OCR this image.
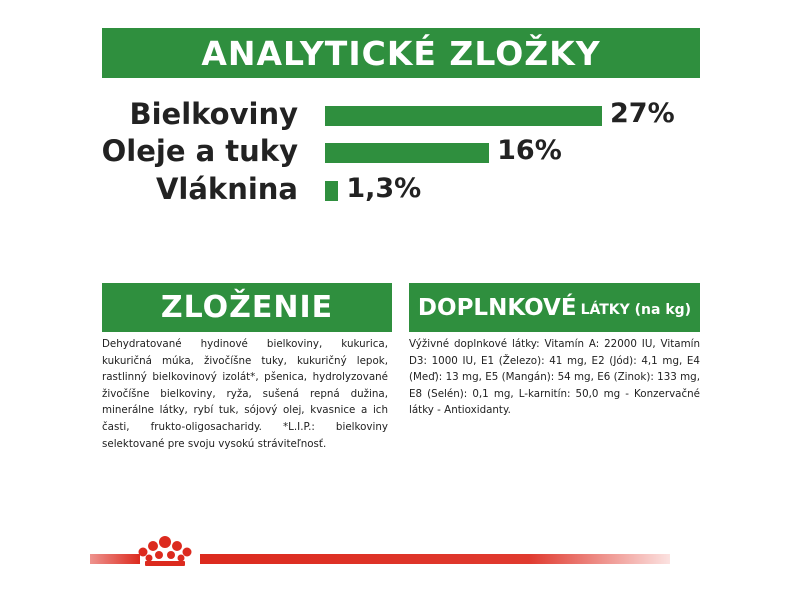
ANALYTICKÉ ZLOŽKY
Bielkoviny	27%
Oleje a tuky	16%
Vláknina 1,3%
ZLOŽENIE
Dehydratované hydinové bielkoviny, kukurica, kukuričná múka, živočíšne tuky, kukuričný lepok, rastlinný bielkovinový izolát*, pšenica, hydrolyzované živočíšne bielkoviny, ryža, sušená repná dužina, minerálne látky, rybí tuk, sójový olej, kvasnice a ich časti, frukto-oligosacharidy. *L.I.P.: bielkoviny selektované pre svoju vysokú stráviteľnosť.
DOPLNKOVÉ LÁTKY (na kg)
Výživné doplnkové látky: Vitamín A: 22000 IU, Vitamín D3: 1000 IU, E1 (Železo): 41 mg, E2 (Jód): 4,1 mg, E4 (Meď): 13 mg, E5 (Mangán): 54 mg, E6 (Zinok): 133 mg, E8 (Selén): 0,1 mg, L-karnitín: 50,0 mg - Konzervačné látky - Antioxidanty.
